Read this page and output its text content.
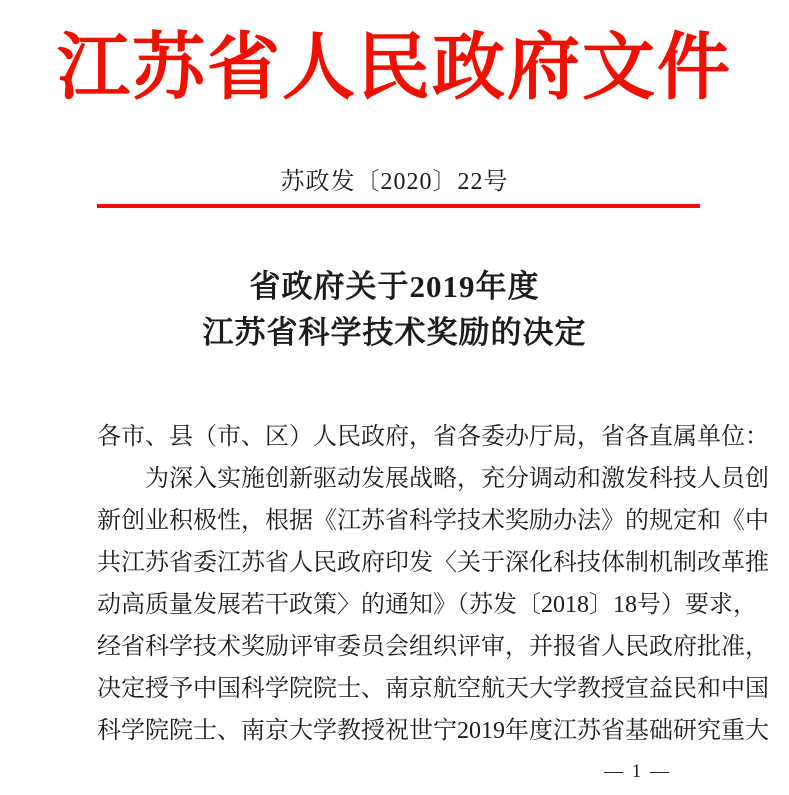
江苏省人民政府文件
苏政发〔2020〕22号
省政府关于2019年度
江苏省科学技术奖励的决定
各市、县（市、区）人民政府，省各委办厅局，省各直属单位：
为深入实施创新驱动发展战略，充分调动和激发科技人员创
新创业积极性，根据《江苏省科学技术奖励办法》的规定和《中
共江苏省委江苏省人民政府印发〈关于深化科技体制机制改革推
动高质量发展若干政策〉的通知》（苏发〔2018〕18号）要求，
经省科学技术奖励评审委员会组织评审，并报省人民政府批准，
决定授予中国科学院院士、南京航空航天大学教授宣益民和中国
科学院院士、南京大学教授祝世宁2019年度江苏省基础研究重大
— 1 —
